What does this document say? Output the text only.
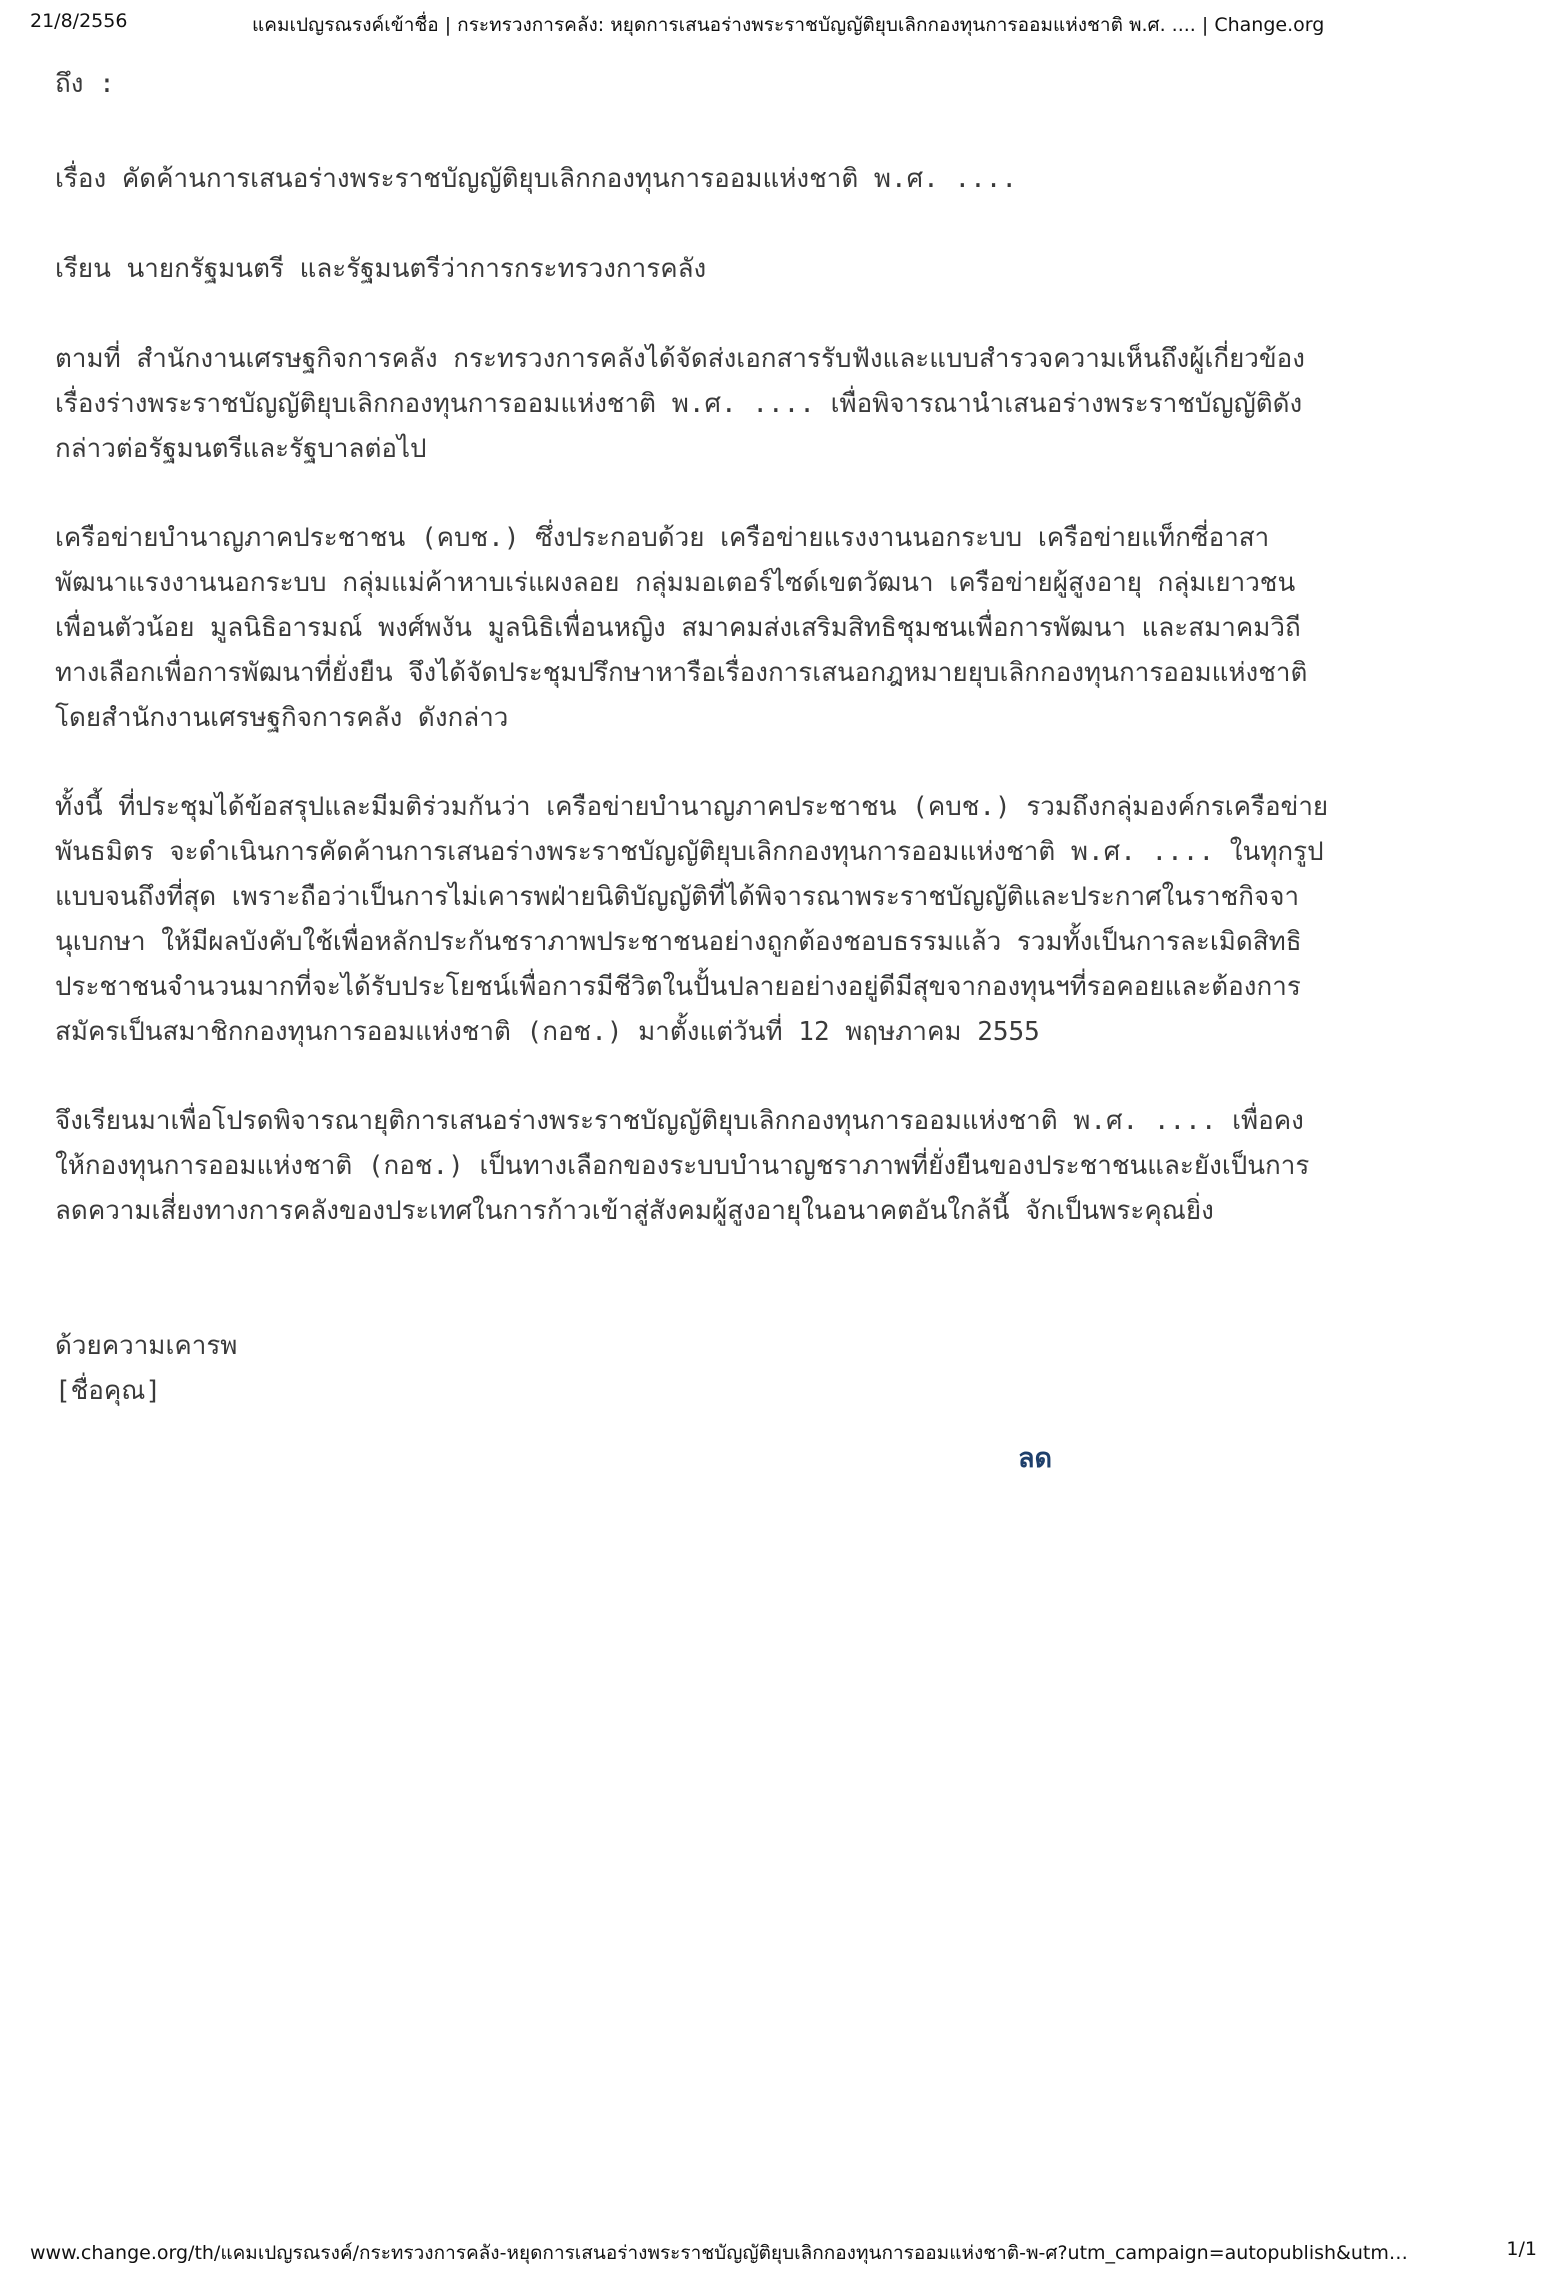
21/8/2556	แคมเปญรณรงค์เข้าชื่อ | กระทรวงการคลัง: หยุดการเสนอร่างพระราชบัญญัติยุบเลิกกองทุนการออมแห่งชาติ พ.ศ. .... | Change.org

ถึง :

เรื่อง คัดค้านการเสนอร่างพระราชบัญญัติยุบเลิกกองทุนการออมแห่งชาติ พ.ศ. ....

เรียน นายกรัฐมนตรี และรัฐมนตรีว่าการกระทรวงการคลัง

ตามที่ สำนักงานเศรษฐกิจการคลัง กระทรวงการคลังได้จัดส่งเอกสารรับฟังและแบบสำรวจความเห็นถึงผู้เกี่ยวข้อง
เรื่องร่างพระราชบัญญัติยุบเลิกกองทุนการออมแห่งชาติ พ.ศ. .... เพื่อพิจารณานำเสนอร่างพระราชบัญญัติดัง
กล่าวต่อรัฐมนตรีและรัฐบาลต่อไป

เครือข่ายบำนาญภาคประชาชน (คบช.) ซึ่งประกอบด้วย เครือข่ายแรงงานนอกระบบ เครือข่ายแท็กซี่อาสา
พัฒนาแรงงานนอกระบบ กลุ่มแม่ค้าหาบเร่แผงลอย กลุ่มมอเตอร์ไซด์เขตวัฒนา เครือข่ายผู้สูงอายุ กลุ่มเยาวชน
เพื่อนตัวน้อย มูลนิธิอารมณ์ พงศ์พงัน มูลนิธิเพื่อนหญิง สมาคมส่งเสริมสิทธิชุมชนเพื่อการพัฒนา และสมาคมวิถี
ทางเลือกเพื่อการพัฒนาที่ยั่งยืน จึงได้จัดประชุมปรึกษาหารือเรื่องการเสนอกฎหมายยุบเลิกกองทุนการออมแห่งชาติ
โดยสำนักงานเศรษฐกิจการคลัง ดังกล่าว

ทั้งนี้ ที่ประชุมได้ข้อสรุปและมีมติร่วมกันว่า เครือข่ายบำนาญภาคประชาชน (คบช.) รวมถึงกลุ่มองค์กรเครือข่าย
พันธมิตร จะดำเนินการคัดค้านการเสนอร่างพระราชบัญญัติยุบเลิกกองทุนการออมแห่งชาติ พ.ศ. .... ในทุกรูป
แบบจนถึงที่สุด เพราะถือว่าเป็นการไม่เคารพฝ่ายนิติบัญญัติที่ได้พิจารณาพระราชบัญญัติและประกาศในราชกิจจา
นุเบกษา ให้มีผลบังคับใช้เพื่อหลักประกันชราภาพประชาชนอย่างถูกต้องชอบธรรมแล้ว รวมทั้งเป็นการละเมิดสิทธิ
ประชาชนจำนวนมากที่จะได้รับประโยชน์เพื่อการมีชีวิตในปั้นปลายอย่างอยู่ดีมีสุขจากองทุนฯที่รอคอยและต้องการ
สมัครเป็นสมาชิกกองทุนการออมแห่งชาติ (กอช.) มาตั้งแต่วันที่ 12 พฤษภาคม 2555

จึงเรียนมาเพื่อโปรดพิจารณายุติการเสนอร่างพระราชบัญญัติยุบเลิกกองทุนการออมแห่งชาติ พ.ศ. .... เพื่อคง
ให้กองทุนการออมแห่งชาติ (กอช.) เป็นทางเลือกของระบบบำนาญชราภาพที่ยั่งยืนของประชาชนและยังเป็นการ
ลดความเสี่ยงทางการคลังของประเทศในการก้าวเข้าสู่สังคมผู้สูงอายุในอนาคตอันใกล้นี้ จักเป็นพระคุณยิ่ง

ด้วยความเคารพ

[ชื่อคุณ]

ลด
www.change.org/th/แคมเปญรณรงค์/กระทรวงการคลัง-หยุดการเสนอร่างพระราชบัญญัติยุบเลิกกองทุนการออมแห่งชาติ-พ-ศ?utm_campaign=autopublish&utm…	1/1
